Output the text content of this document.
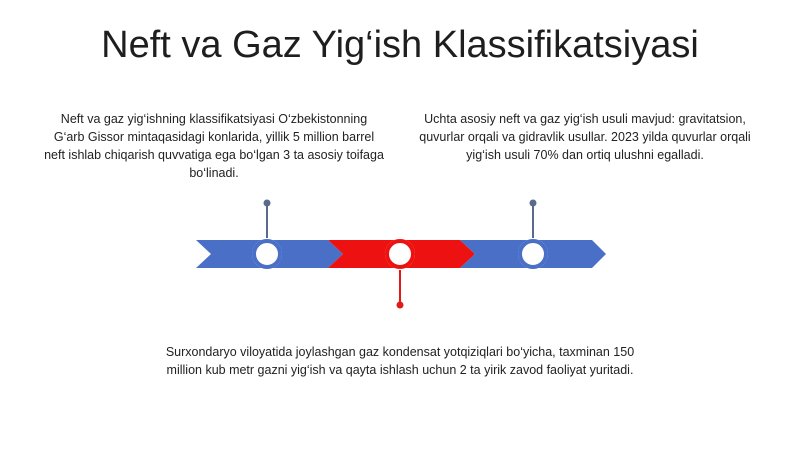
Neft va Gaz Yig‘ish Klassifikatsiyasi
Neft va gaz yig‘ishning klassifikatsiyasi O‘zbekistonning G‘arb Gissor mintaqasidagi konlarida, yillik 5 million barrel neft ishlab chiqarish quvvatiga ega bo‘lgan 3 ta asosiy toifaga bo‘linadi.
Uchta asosiy neft va gaz yig‘ish usuli mavjud: gravitatsion, quvurlar orqali va gidravlik usullar. 2023 yilda quvurlar orqali yig‘ish usuli 70% dan ortiq ulushni egalladi.
Surxondaryo viloyatida joylashgan gaz kondensat yotqiziqlari bo‘yicha, taxminan 150 million kub metr gazni yig‘ish va qayta ishlash uchun 2 ta yirik zavod faoliyat yuritadi.
